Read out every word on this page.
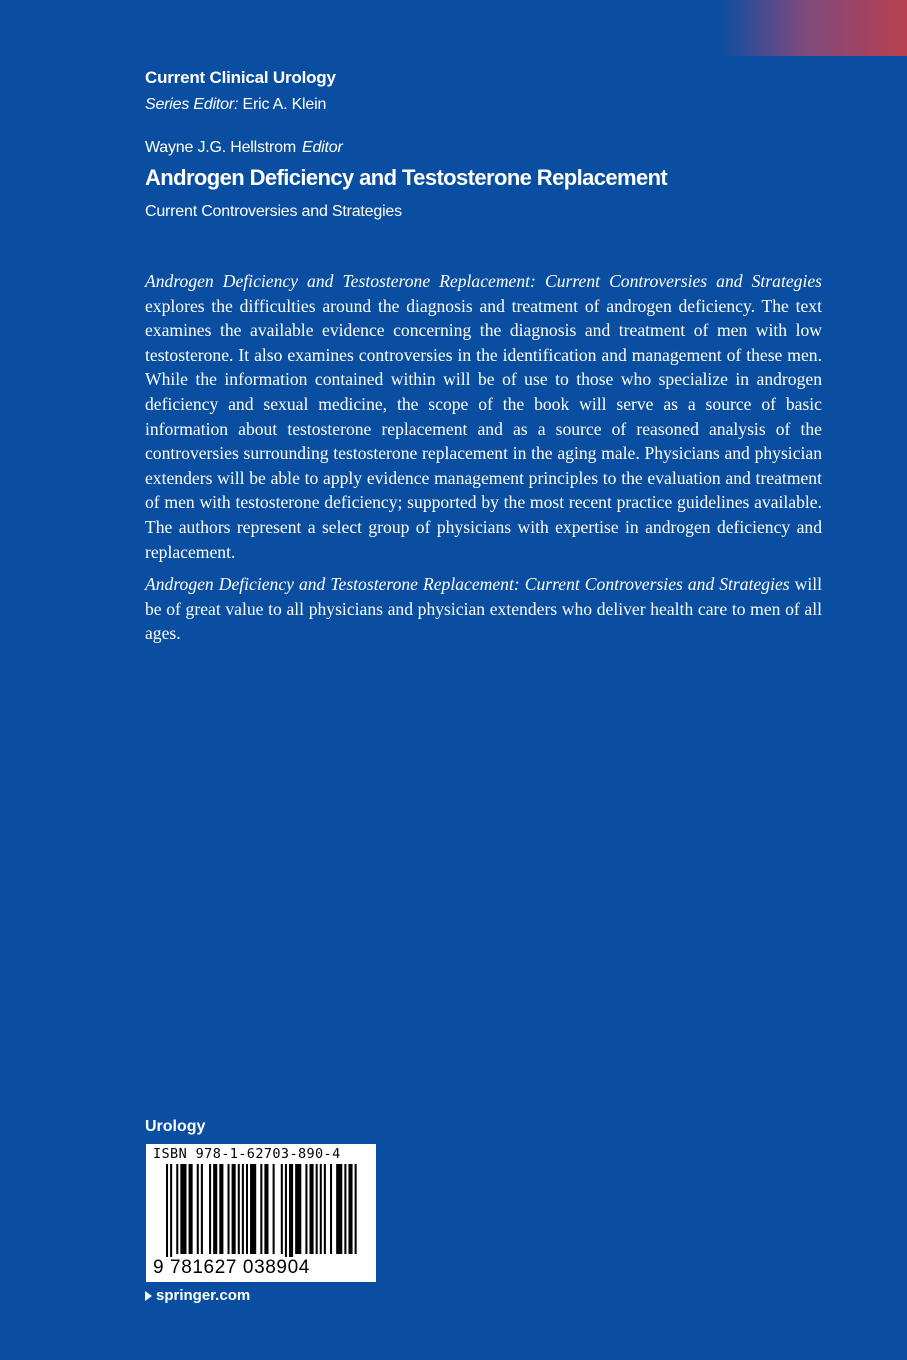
Current Clinical Urology
Series Editor: Eric A. Klein
Wayne J.G. Hellstrom Editor
Androgen Deficiency and Testosterone Replacement
Current Controversies and Strategies

Androgen Deficiency and Testosterone Replacement: Current Controversies and Strategies explores the difficulties around the diagnosis and treatment of androgen deficiency. The text examines the available evidence concerning the diagnosis and treatment of men with low testosterone. It also examines controversies in the identification and management of these men. While the information contained within will be of use to those who specialize in androgen deficiency and sexual medicine, the scope of the book will serve as a source of basic information about testosterone replacement and as a source of reasoned analysis of the controversies surrounding testosterone replacement in the aging male. Physicians and physician extenders will be able to apply evidence management principles to the evaluation and treatment of men with testosterone deficiency; supported by the most recent practice guidelines available. The authors represent a select group of physicians with expertise in androgen deficiency and replacement.

Androgen Deficiency and Testosterone Replacement: Current Controversies and Strategies will be of great value to all physicians and physician extenders who deliver health care to men of all ages.

Urology
ISBN 978-1-62703-890-4
9 781627 038904
springer.com
